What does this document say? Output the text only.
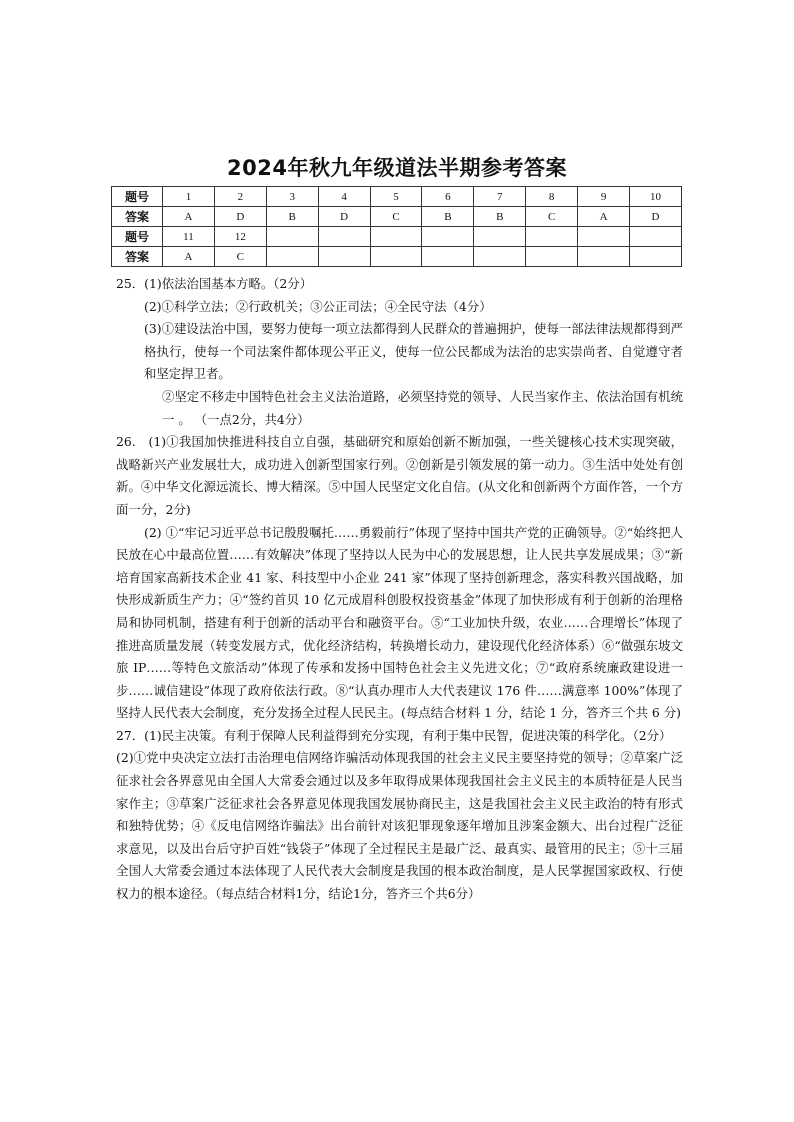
2024年秋九年级道法半期参考答案
题号	1	2	3	4	5	6	7	8	9	10
答案	A	D	B	D	C	B	B	C	A	D
题号	11	12								
答案	A	C								

25．(1)依法治国基本方略。（2分）

(2)①科学立法；②行政机关；③公正司法；④全民守法（4分）

(3)①建设法治中国，要努力使每一项立法都得到人民群众的普遍拥护，使每一部法律法规都得到严格执行，使每一个司法案件都体现公平正义，使每一位公民都成为法治的忠实崇尚者、自觉遵守者和坚定捍卫者。

②坚定不移走中国特色社会主义法治道路，必须坚持党的领导、人民当家作主、依法治国有机统一 。 （一点2分，共4分）

26.　(1)①我国加快推进科技自立自强，基础研究和原始创新不断加强，一些关键核心技术实现突破，战略新兴产业发展壮大，成功进入创新型国家行列。②创新是引领发展的第一动力。③生活中处处有创新。④中华文化源远流长、博大精深。⑤中国人民坚定文化自信。(从文化和创新两个方面作答，一个方面一分，2分)

(2) ①“牢记习近平总书记殷殷嘱托……勇毅前行”体现了坚持中国共产党的正确领导。②“始终把人民放在心中最高位置……有效解决”体现了坚持以人民为中心的发展思想，让人民共享发展成果；③“新培育国家高新技术企业 41 家、科技型中小企业 241 家”体现了坚持创新理念，落实科教兴国战略，加快形成新质生产力；④“签约首贝 10 亿元成眉科创股权投资基金”体现了加快形成有利于创新的治理格局和协同机制，搭建有利于创新的活动平台和融资平台。⑤“工业加快升级，农业……合理增长”体现了推进高质量发展（转变发展方式，优化经济结构，转换增长动力，建设现代化经济体系）⑥“做强东坡文旅 IP……等特色文旅活动”体现了传承和发扬中国特色社会主义先进文化；⑦“政府系统廉政建设进一步……诚信建设”体现了政府依法行政。⑧“认真办理市人大代表建议 176 件……满意率 100%”体现了坚持人民代表大会制度，充分发扬全过程人民民主。(每点结合材料 1 分，结论 1 分，答齐三个共 6 分)

27．(1)民主决策。有利于保障人民利益得到充分实现，有利于集中民智，促进决策的科学化。（2分）

(2)①党中央决定立法打击治理电信网络诈骗活动体现我国的社会主义民主要坚持党的领导；②草案广泛征求社会各界意见由全国人大常委会通过以及多年取得成果体现我国社会主义民主的本质特征是人民当家作主；③草案广泛征求社会各界意见体现我国发展协商民主，这是我国社会主义民主政治的特有形式和独特优势；④《反电信网络诈骗法》出台前针对该犯罪现象逐年增加且涉案金额大、出台过程广泛征求意见，以及出台后守护百姓“钱袋子”体现了全过程民主是最广泛、最真实、最管用的民主；⑤十三届全国人大常委会通过本法体现了人民代表大会制度是我国的根本政治制度，是人民掌握国家政权、行使权力的根本途径。（每点结合材料1分，结论1分，答齐三个共6分）
